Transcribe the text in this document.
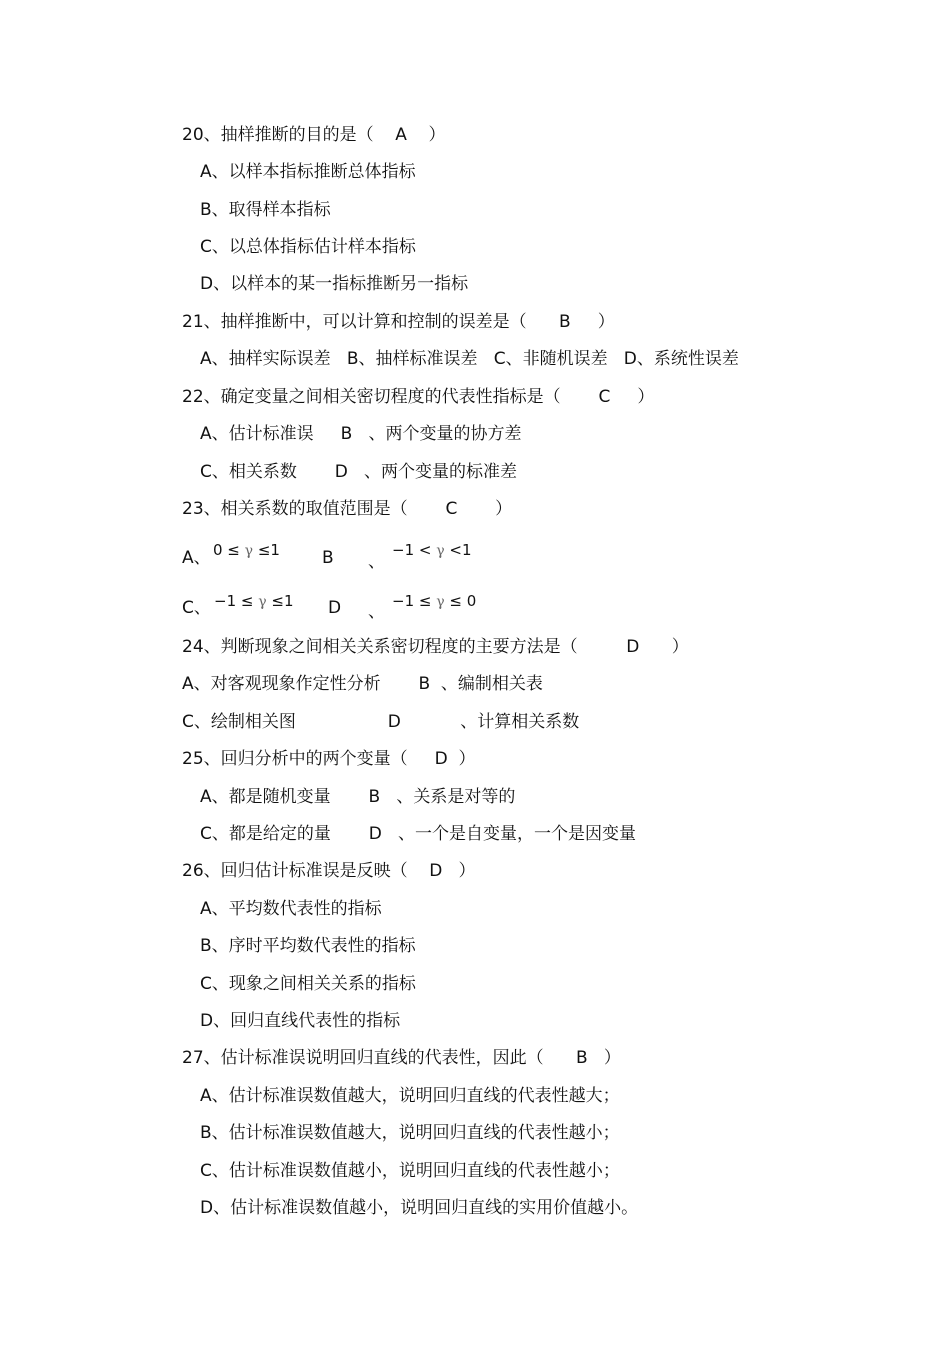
20、抽样推断的目的是（    A    ）
A、以样本指标推断总体指标
B、取得样本指标
C、以总体指标估计样本指标
D、以样本的某一指标推断另一指标
21、抽样推断中，可以计算和控制的误差是（      B     ）
A、抽样实际误差   B、抽样标准误差   C、非随机误差   D、系统性误差
22、确定变量之间相关密切程度的代表性指标是（       C     ）
A、估计标准误     B   、两个变量的协方差
C、相关系数       D   、两个变量的标准差
23、相关系数的取值范围是（       C       ）
A、 0 ≤ γ ≤1 B 、
−1 < γ <1
C、 −1 ≤ γ ≤1 D 、
−1 ≤ γ ≤ 0
24、判断现象之间相关关系密切程度的主要方法是（         D      ）
A、对客观现象作定性分析       B  、编制相关表
C、绘制相关图                 D           、计算相关系数
25、回归分析中的两个变量（     D  ）
A、都是随机变量       B   、关系是对等的
C、都是给定的量       D   、一个是自变量，一个是因变量
26、回归估计标准误是反映（    D   ）
A、平均数代表性的指标
B、序时平均数代表性的指标
C、现象之间相关关系的指标
D、回归直线代表性的指标
27、估计标准误说明回归直线的代表性，因此（      B   ）
A、估计标准误数值越大，说明回归直线的代表性越大；
B、估计标准误数值越大，说明回归直线的代表性越小；
C、估计标准误数值越小，说明回归直线的代表性越小；
D、估计标准误数值越小，说明回归直线的实用价值越小。
